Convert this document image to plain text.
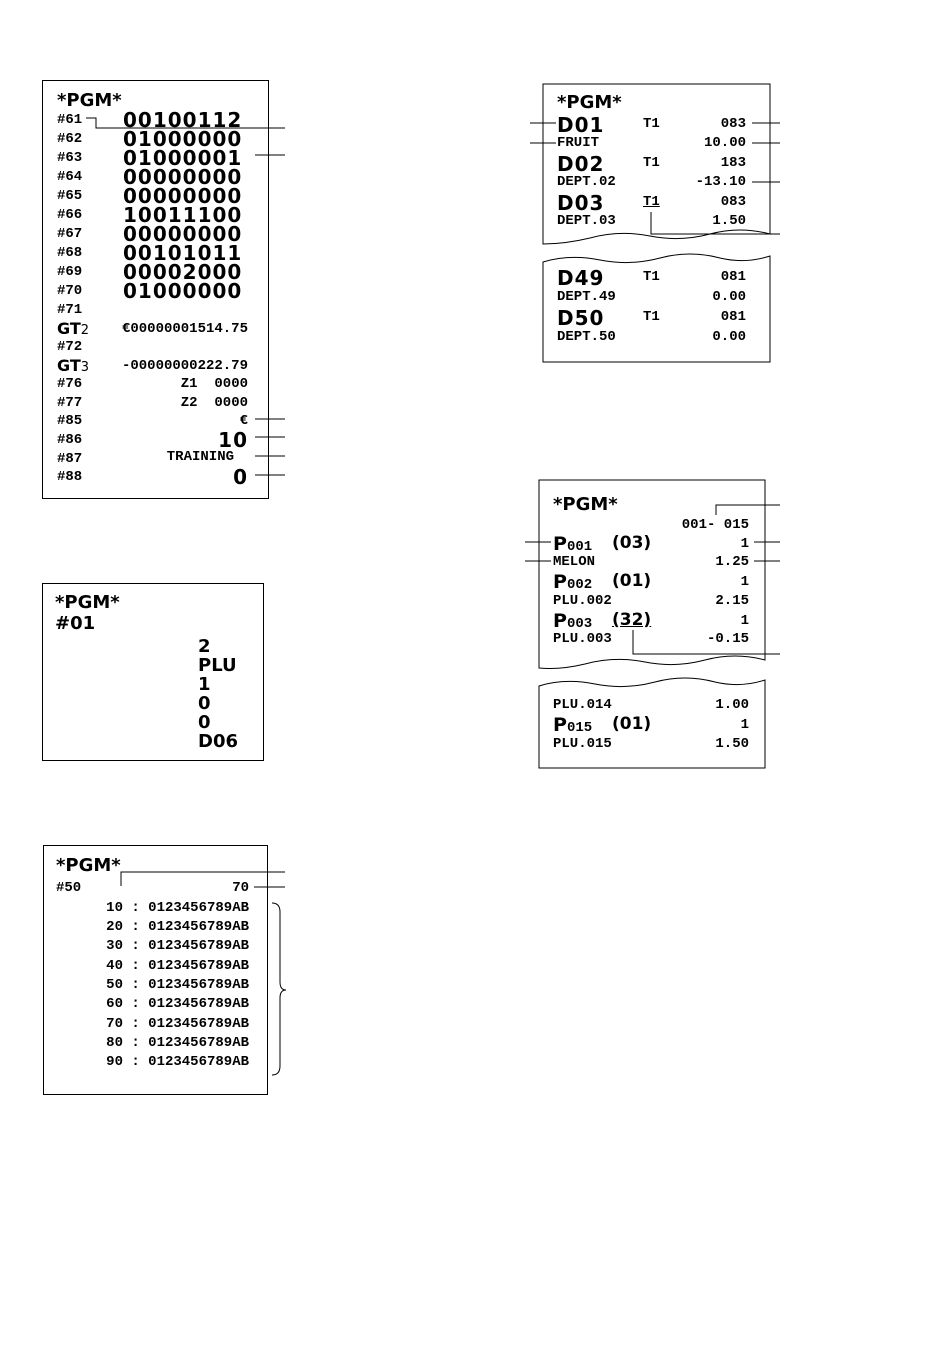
*PGM*
#61 00100112
#62 01000000
#63 01000001
#64 00000000
#65 00000000
#66 10011100
#67 00000000
#68 00101011
#69 00002000
#70 01000000
#71
GT2 €00000001514.75
#72
GT3 -00000000222.79
#76	Z1  0000
#77	Z2  0000
#85	€
#86	10
#87	TRAINING
#88	0
*PGM*
#01
2
PLU
1
0
0
D06
*PGM*
#50	70
10 : 0123456789AB
20 : 0123456789AB
30 : 0123456789AB
40 : 0123456789AB
50 : 0123456789AB
60 : 0123456789AB
70 : 0123456789AB
80 : 0123456789AB
90 : 0123456789AB
*PGM*
D01	T1	083
FRUIT	10.00
D02	T1	183
DEPT.02	-13.10
D03	T1	083
DEPT.03	1.50
D49	T1	081
DEPT.49	0.00
D50	T1	081
DEPT.50	0.00
*PGM*
001- 015
P001 (03)	1
MELON	1.25
P002 (01)	1
PLU.002	2.15
P003 (32)	1
PLU.003	-0.15
PLU.014	1.00
P015 (01)	1
PLU.015	1.50
